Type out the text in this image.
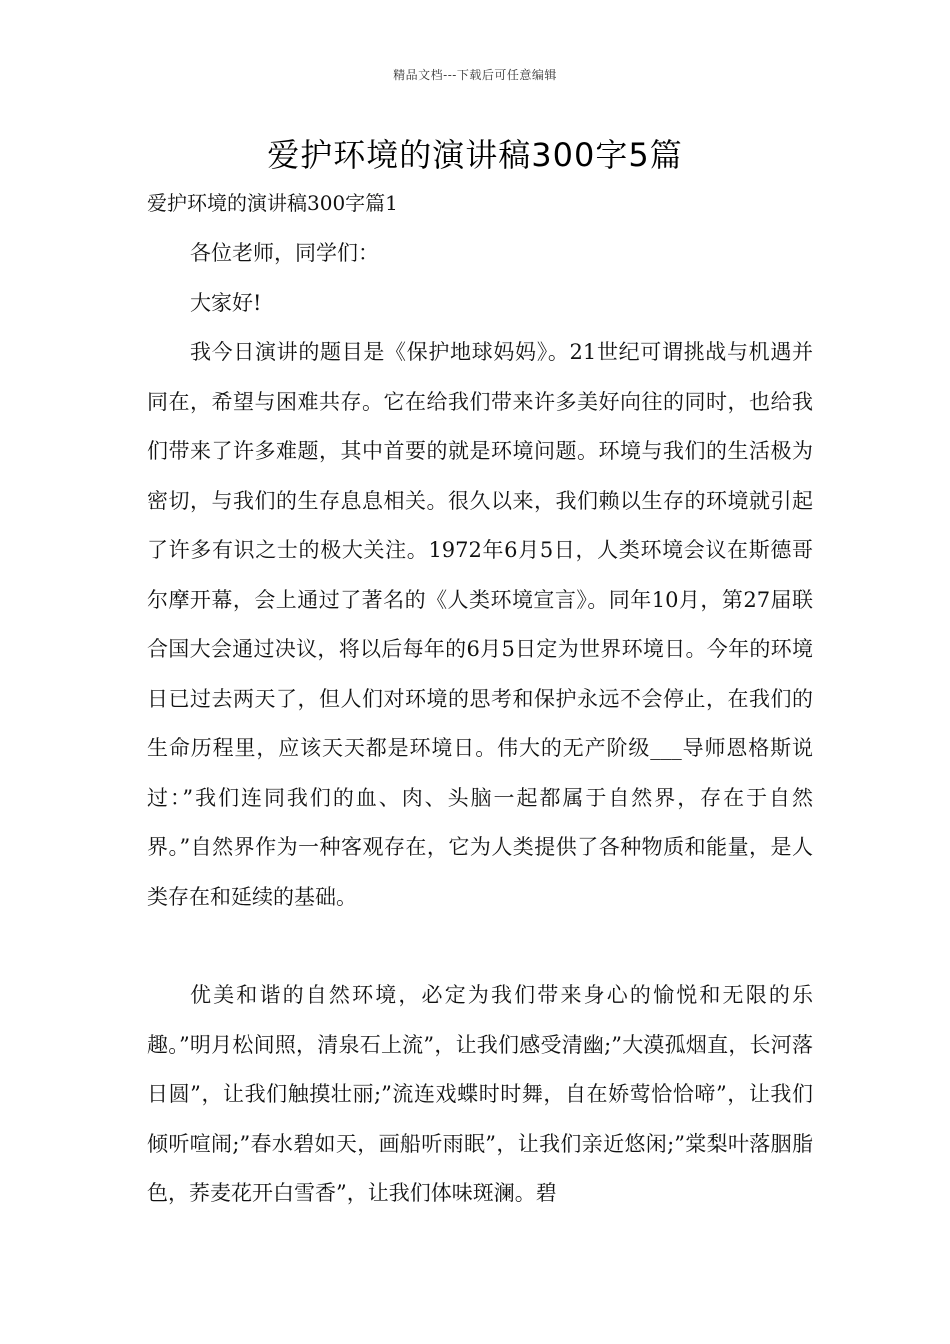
精品文档---下载后可任意编辑
爱护环境的演讲稿300字5篇
爱护环境的演讲稿300字篇1

各位老师，同学们：

大家好!

我今日演讲的题目是《保护地球妈妈》。21世纪可谓挑战与机遇并同在，希望与困难共存。它在给我们带来许多美好向往的同时，也给我们带来了许多难题，其中首要的就是环境问题。环境与我们的生活极为密切，与我们的生存息息相关。很久以来，我们赖以生存的环境就引起了许多有识之士的极大关注。1972年6月5日，人类环境会议在斯德哥尔摩开幕，会上通过了著名的《人类环境宣言》。同年10月，第27届联合国大会通过决议，将以后每年的6月5日定为世界环境日。今年的环境日已过去两天了，但人们对环境的思考和保护永远不会停止，在我们的生命历程里，应该天天都是环境日。伟大的无产阶级___导师恩格斯说过：”我们连同我们的血、肉、头脑一起都属于自然界，存在于自然界。”自然界作为一种客观存在，它为人类提供了各种物质和能量，是人类存在和延续的基础。

优美和谐的自然环境，必定为我们带来身心的愉悦和无限的乐趣。”明月松间照，清泉石上流”，让我们感受清幽;”大漠孤烟直，长河落日圆”，让我们触摸壮丽;”流连戏蝶时时舞，自在娇莺恰恰啼”，让我们倾听喧闹;”春水碧如天，画船听雨眠”，让我们亲近悠闲;”棠梨叶落胭脂色，荞麦花开白雪香”，让我们体味斑澜。碧
